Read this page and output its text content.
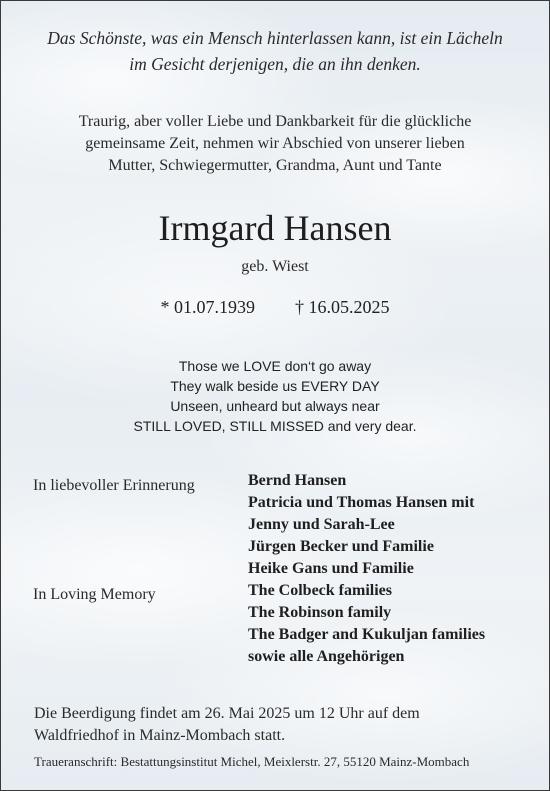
Das Schönste, was ein Mensch hinterlassen kann, ist ein Lächeln
im Gesicht derjenigen, die an ihn denken.
Traurig, aber voller Liebe und Dankbarkeit für die glückliche
gemeinsame Zeit, nehmen wir Abschied von unserer lieben
Mutter, Schwiegermutter, Grandma, Aunt und Tante
Irmgard Hansen
geb. Wiest
* 01.07.1939 † 16.05.2025
Those we LOVE don‘t go away
They walk beside us EVERY DAY
Unseen, unheard but always near
STILL LOVED, STILL MISSED and very dear.
In liebevoller Erinnerung
In Loving Memory
Bernd Hansen
Patricia und Thomas Hansen mit
Jenny und Sarah-Lee
Jürgen Becker und Familie
Heike Gans und Familie
The Colbeck families
The Robinson family
The Badger and Kukuljan families
sowie alle Angehörigen
Die Beerdigung findet am 26. Mai 2025 um 12 Uhr auf dem
Waldfriedhof in Mainz-Mombach statt.
Traueranschrift: Bestattungsinstitut Michel, Meixlerstr. 27, 55120 Mainz-Mombach
